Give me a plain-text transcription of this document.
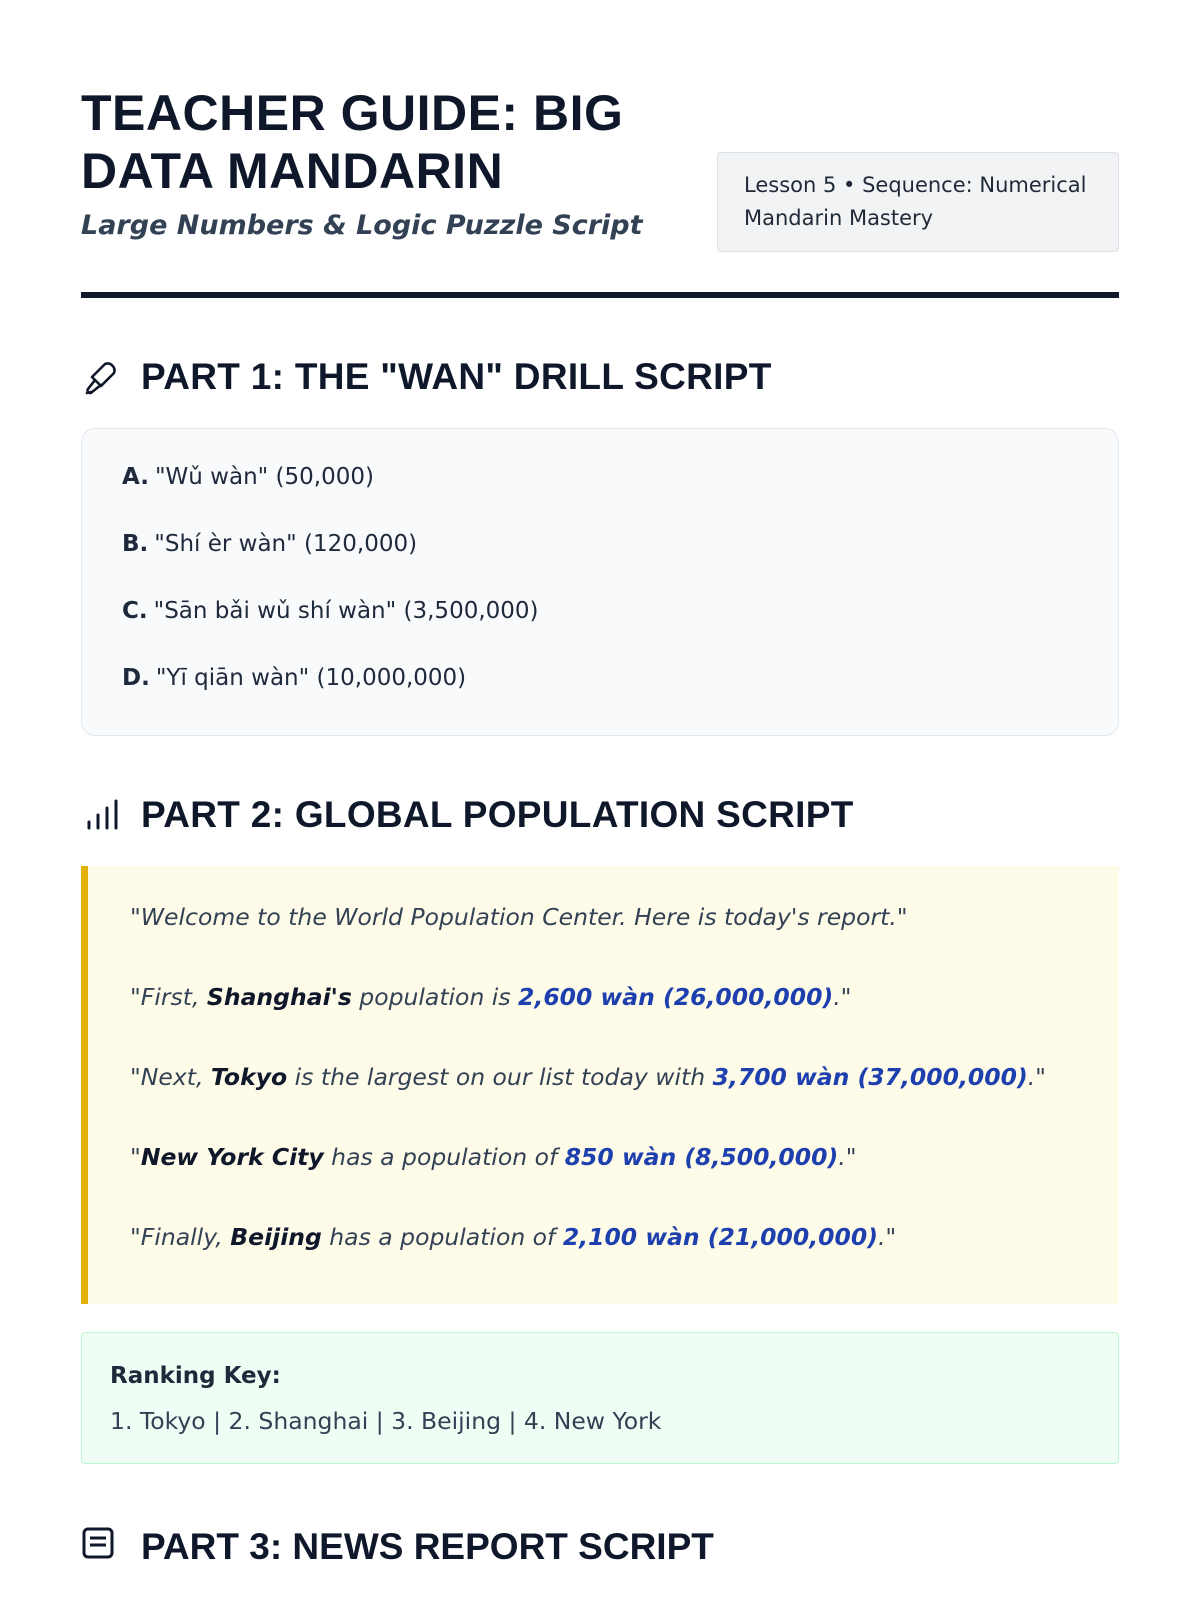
TEACHER GUIDE: BIG DATA MANDARIN
Large Numbers & Logic Puzzle Script
Lesson 5 • Sequence: Numerical Mandarin Mastery
PART 1: THE "WAN" DRILL SCRIPT
A. "Wǔ wàn" (50,000)
B. "Shí èr wàn" (120,000)
C. "Sān bǎi wǔ shí wàn" (3,500,000)
D. "Yī qiān wàn" (10,000,000)
PART 2: GLOBAL POPULATION SCRIPT
"Welcome to the World Population Center. Here is today's report."
"First, Shanghai's population is 2,600 wàn (26,000,000)."
"Next, Tokyo is the largest on our list today with 3,700 wàn (37,000,000)."
"New York City has a population of 850 wàn (8,500,000)."
"Finally, Beijing has a population of 2,100 wàn (21,000,000)."
Ranking Key:
1. Tokyo | 2. Shanghai | 3. Beijing | 4. New York
PART 3: NEWS REPORT SCRIPT
